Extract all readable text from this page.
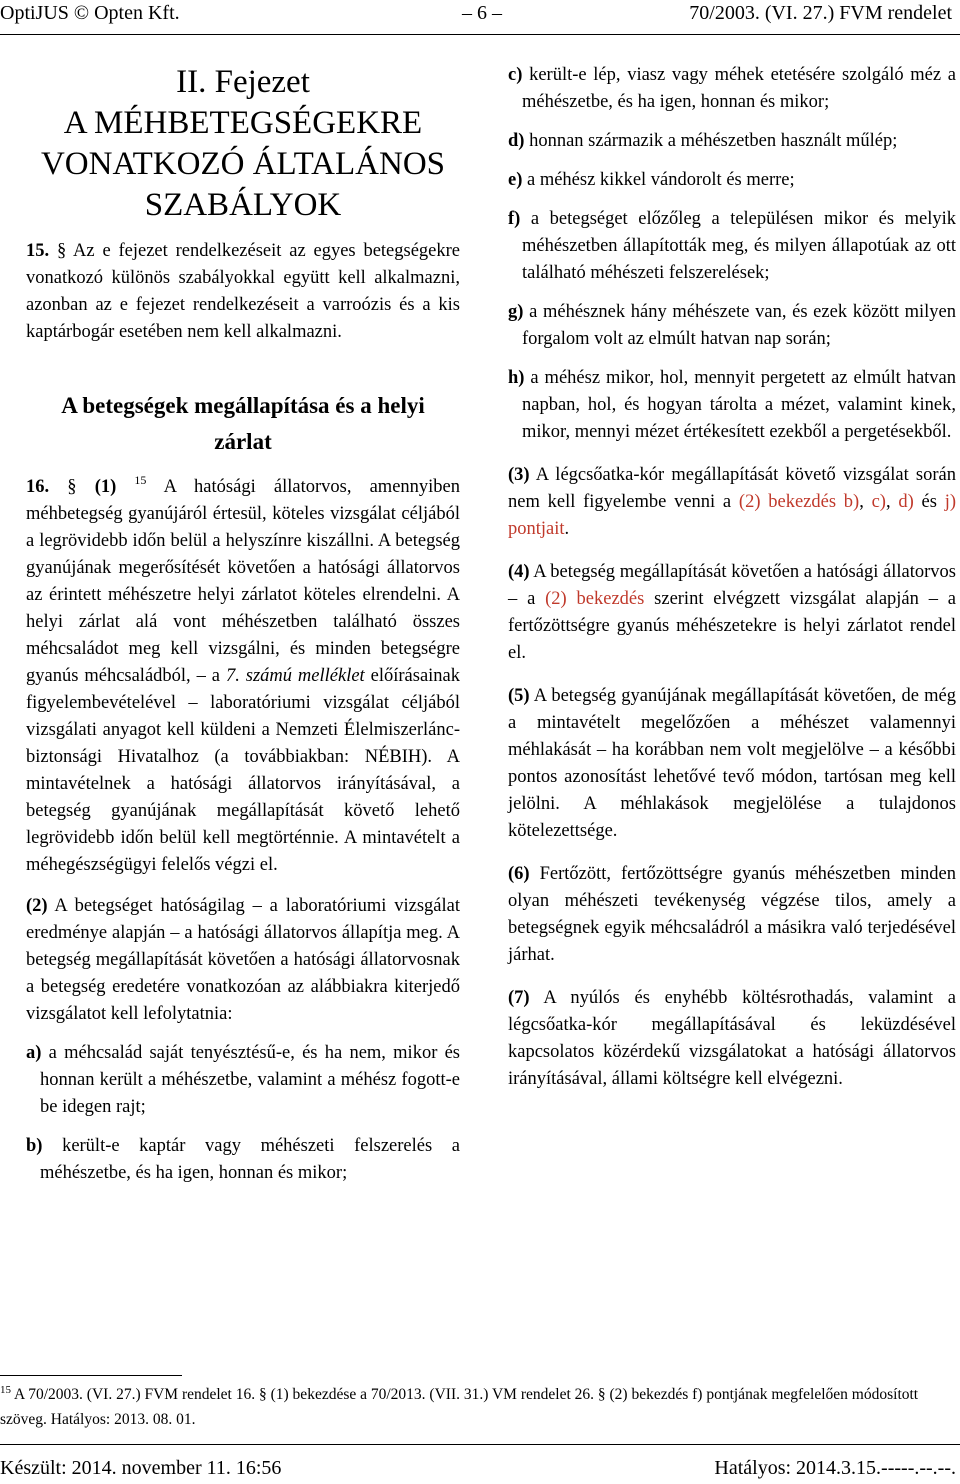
OptiJUS © Opten Kft.	– 6 –	70/2003. (VI. 27.) FVM rendelet
II. Fejezet
A MÉHBETEGSÉGEKRE
VONATKOZÓ ÁLTALÁNOS
SZABÁLYOK

15. § Az e fejezet rendelkezéseit az egyes betegségekre vonatkozó különös szabályokkal együtt kell alkalmazni, azonban az e fejezet rendelkezéseit a varroózis és a kis kaptárbogár esetében nem kell alkalmazni.

A betegségek megállapítása és a helyi
zárlat

16. § (1) $^{15}$ A hatósági állatorvos, amennyiben méhbetegség gyanújáról értesül, köteles vizsgálat céljából a legrövidebb időn belül a helyszínre kiszállni. A betegség gyanújának megerősítését követően a hatósági állatorvos az érintett méhészetre helyi zárlatot köteles elrendelni. A helyi zárlat alá vont méhészetben található összes méhcsaládot meg kell vizsgálni, és minden betegségre gyanús méhcsaládból, – a 7. számú melléklet előírásainak figyelembevételével – laboratóriumi vizsgálat céljából vizsgálati anyagot kell küldeni a Nemzeti Élelmiszerlánc-biztonsági Hivatalhoz (a továbbiakban: NÉBIH). A mintavételnek a hatósági állatorvos irányításával, a betegség gyanújának megállapítását követő lehető legrövidebb időn belül kell megtörténnie. A mintavételt a méhegészségügyi felelős végzi el.

(2) A betegséget hatóságilag – a laboratóriumi vizsgálat eredménye alapján – a hatósági állatorvos állapítja meg. A betegség megállapítását követően a hatósági állatorvosnak a betegség eredetére vonatkozóan az alábbiakra kiterjedő vizsgálatot kell lefolytatnia:

a) a méhcsalád saját tenyésztésű-e, és ha nem, mikor és honnan került a méhészetbe, valamint a méhész fogott-e be idegen rajt;

b) került-e kaptár vagy méhészeti felszerelés a méhészetbe, és ha igen, honnan és mikor;

c) került-e lép, viasz vagy méhek etetésére szolgáló méz a méhészetbe, és ha igen, honnan és mikor;

d) honnan származik a méhészetben használt műlép;

e) a méhész kikkel vándorolt és merre;

f) a betegséget előzőleg a településen mikor és melyik méhészetben állapították meg, és milyen állapotúak az ott található méhészeti felszerelések;

g) a méhésznek hány méhészete van, és ezek között milyen forgalom volt az elmúlt hatvan nap során;

h) a méhész mikor, hol, mennyit pergetett az elmúlt hatvan napban, hol, és hogyan tárolta a mézet, valamint kinek, mikor, mennyi mézet értékesített ezekből a pergetésekből.

(3) A légcsőatka-kór megállapítását követő vizsgálat során nem kell figyelembe venni a (2) bekezdés b), c), d) és j) pontjait.

(4) A betegség megállapítását követően a hatósági állatorvos – a (2) bekezdés szerint elvégzett vizsgálat alapján – a fertőzöttségre gyanús méhészetekre is helyi zárlatot rendel el.

(5) A betegség gyanújának megállapítását követően, de még a mintavételt megelőzően a méhészet valamennyi méhlakását – ha korábban nem volt megjelölve – a későbbi pontos azonosítást lehetővé tevő módon, tartósan meg kell jelölni. A méhlakások megjelölése a tulajdonos kötelezettsége.

(6) Fertőzött, fertőzöttségre gyanús méhészetben minden olyan méhészeti tevékenység végzése tilos, amely a betegségnek egyik méhcsaládról a másikra való terjedésével járhat.

(7) A nyúlós és enyhébb költésrothadás, valamint a légcsőatka-kór megállapításával és leküzdésével kapcsolatos közérdekű vizsgálatokat a hatósági állatorvos irányításával, állami költségre kell elvégezni.

$^{15}$ A 70/2003. (VI. 27.) FVM rendelet 16. § (1) bekezdése a 70/2013. (VII. 31.) VM rendelet 26. § (2) bekezdés f) pontjának megfelelően módosított szöveg. Hatályos: 2013. 08. 01.
Készült: 2014. november 11. 16:56	Hatályos: 2014.3.15.-----.--.--.
